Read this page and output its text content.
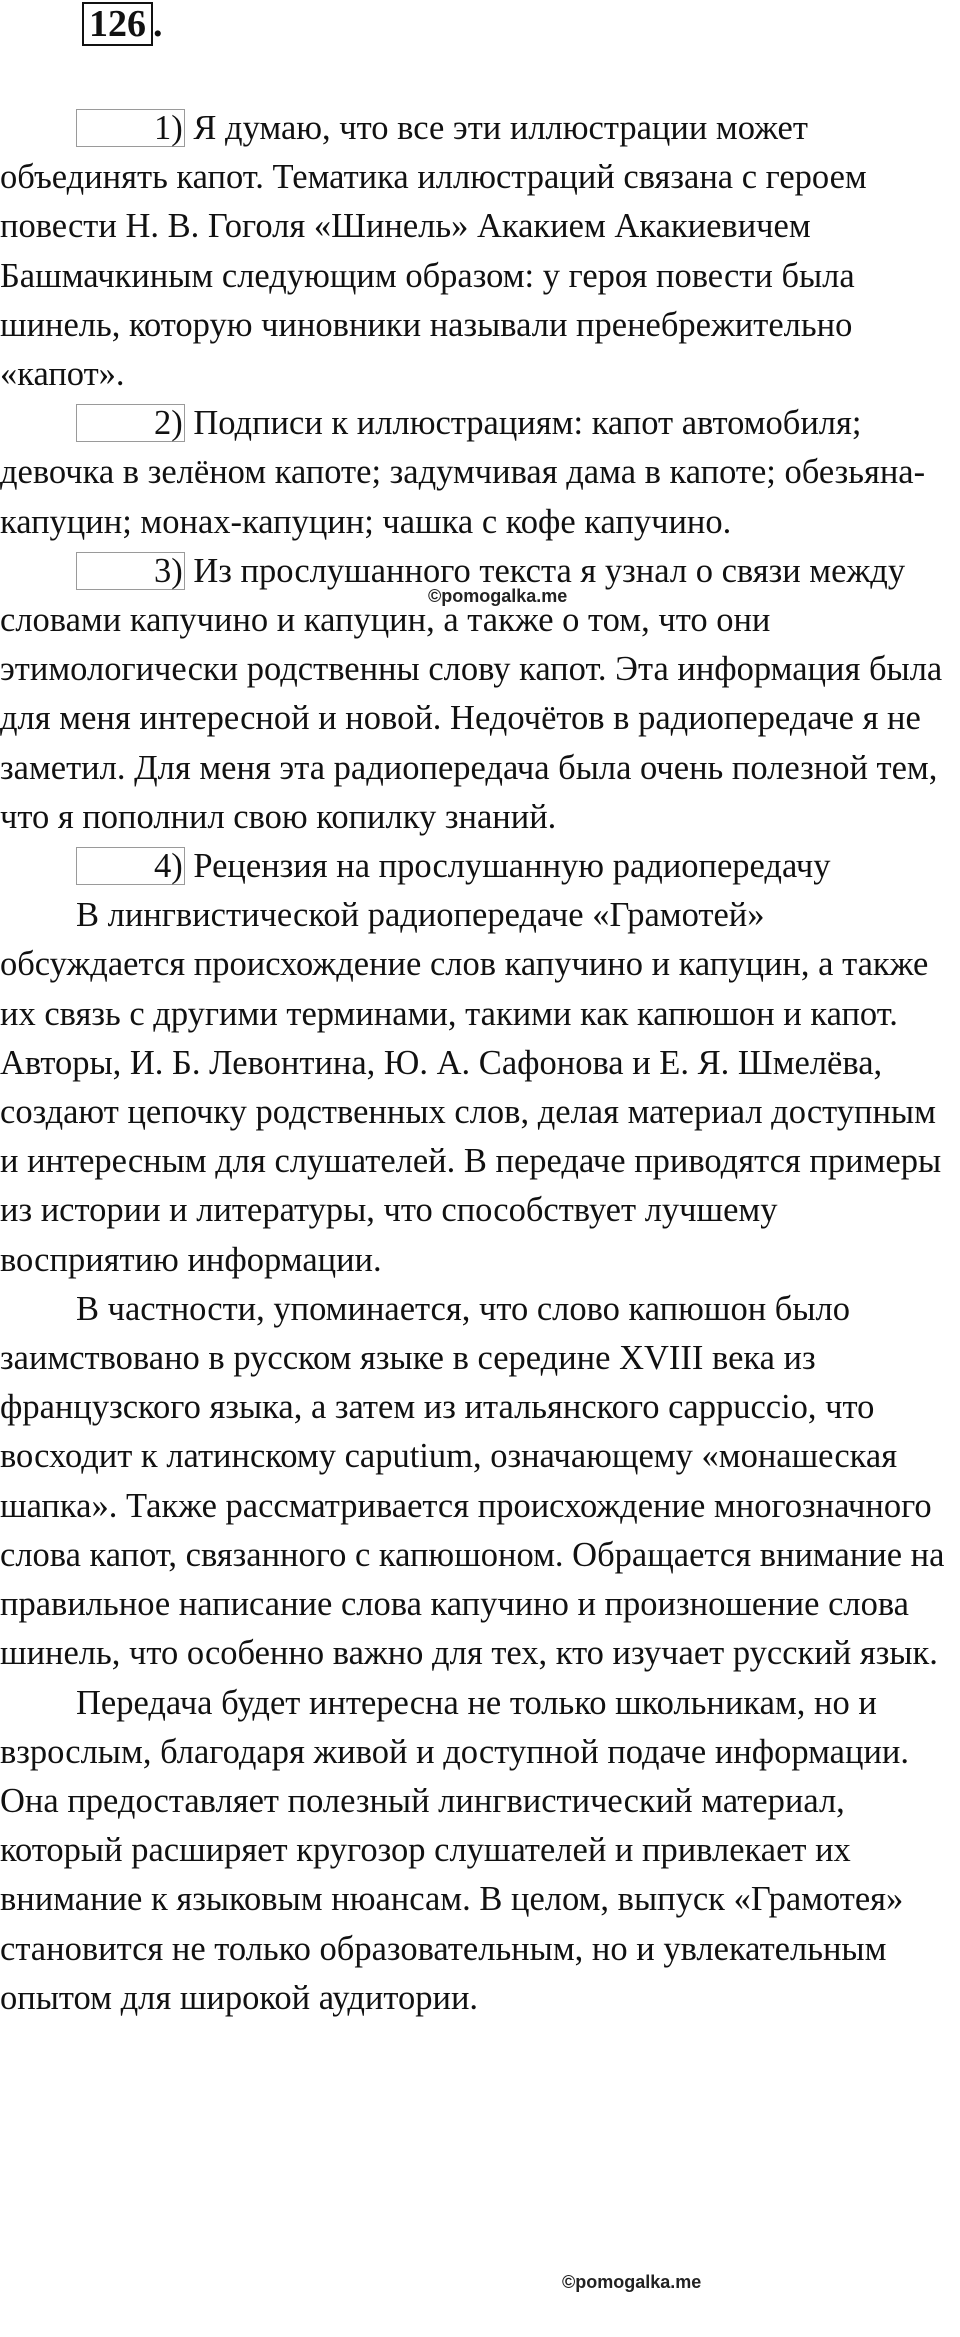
126 .

1) Я думаю, что все эти иллюстрации может объединять капот. Тематика иллюстраций связана с героем повести Н. В. Гоголя «Шинель» Акакием Акакиевичем Башмачкиным следующим образом: у героя повести была шинель, которую чиновники называли пренебрежительно «капот».

2) Подписи к иллюстрациям: капот автомобиля; девочка в зелёном капоте; задумчивая дама в капоте; обезьяна-капуцин; монах-капуцин; чашка с кофе капучино.

3) Из прослушанного текста я узнал о связи между словами капучино и капуцин, а также о том, что они этимологически родственны слову капот. Эта информация была для меня интересной и новой. Недочётов в радиопередаче я не заметил. Для меня эта радиопередача была очень полезной тем, что я пополнил свою копилку знаний.

4) Рецензия на прослушанную радиопередачу

В лингвистической радиопередаче «Грамотей» обсуждается происхождение слов капучино и капуцин, а также их связь с другими терминами, такими как капюшон и капот. Авторы, И. Б. Левонтина, Ю. А. Сафонова и Е. Я. Шмелёва, создают цепочку родственных слов, делая материал доступным и интересным для слушателей. В передаче приводятся примеры из истории и литературы, что способствует лучшему восприятию информации.

В частности, упоминается, что слово капюшон было заимствовано в русском языке в середине XVIII века из французского языка, а затем из итальянского cappuccio, что восходит к латинскому caputium, означающему «монашеская шапка». Также рассматривается происхождение многозначного слова капот, связанного с капюшоном. Обращается внимание на правильное написание слова капучино и произношение слова шинель, что особенно важно для тех, кто изучает русский язык.

Передача будет интересна не только школьникам, но и взрослым, благодаря живой и доступной подаче информации. Она предоставляет полезный лингвистический материал, который расширяет кругозор слушателей и привлекает их внимание к языковым нюансам. В целом, выпуск «Грамотея» становится не только образовательным, но и увлекательным опытом для широкой аудитории.

©pomogalka.me
©pomogalka.me
